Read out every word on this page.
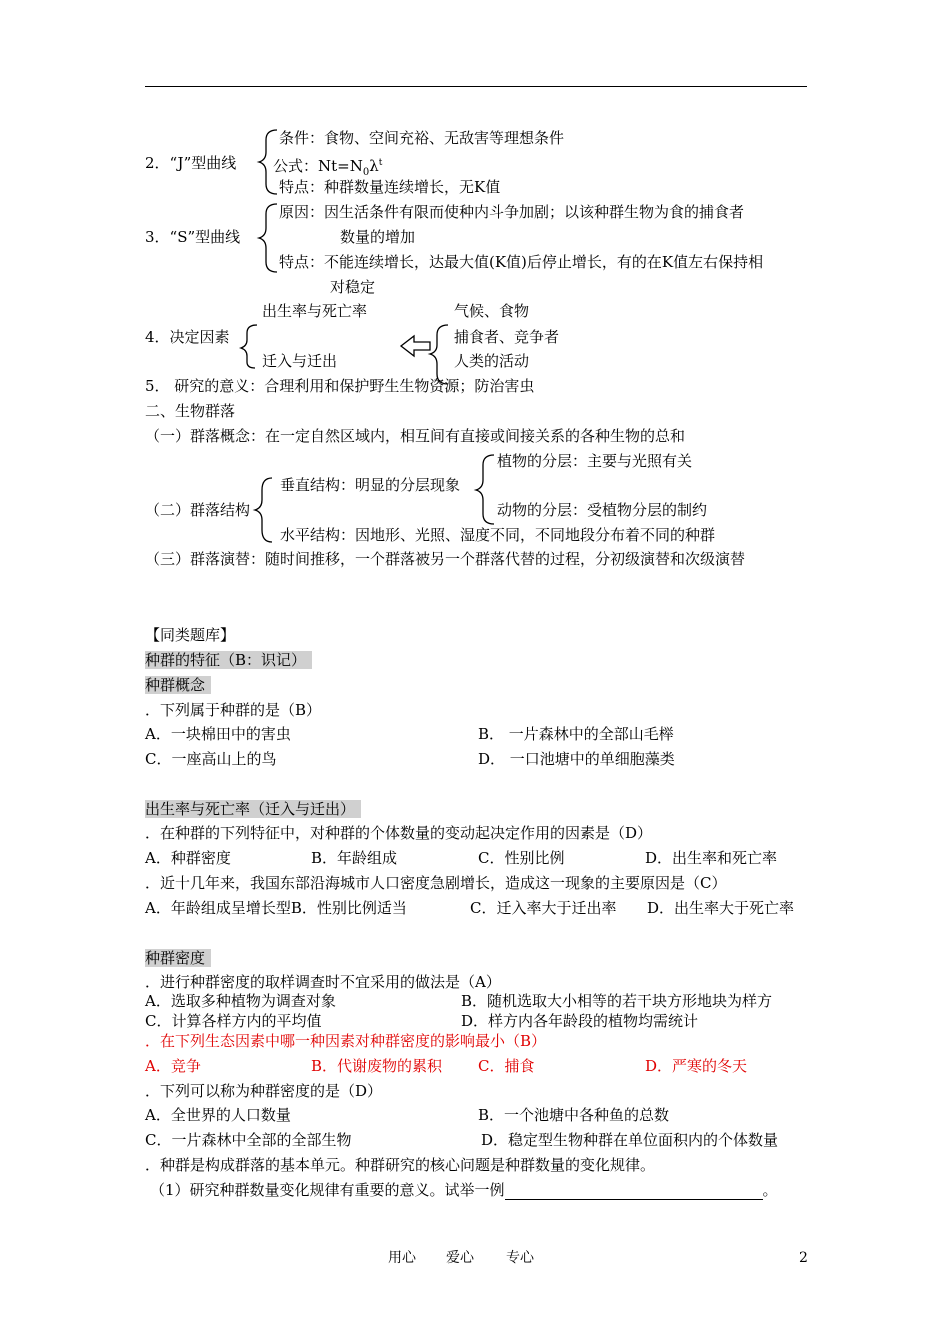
2．“J”型曲线
条件：食物、空间充裕、无敌害等理想条件
公式：$Nt=N_0\lambda^t$
特点：种群数量连续增长，无K值
3．“S”型曲线
原因：因生活条件有限而使种内斗争加剧；以该种群生物为食的捕食者
数量的增加
特点：不能连续增长，达最大值(K值)后停止增长，有的在K值左右保持相
对稳定
出生率与死亡率	气候、食物
4．决定因素	捕食者、竞争者
迁入与迁出	人类的活动
5． 研究的意义：合理利用和保护野生生物资源；防治害虫
二、生物群落
（一）群落概念：在一定自然区域内，相互间有直接或间接关系的各种生物的总和
植物的分层：主要与光照有关
垂直结构：明显的分层现象
（二）群落结构	动物的分层：受植物分层的制约
水平结构：因地形、光照、湿度不同，不同地段分布着不同的种群
（三）群落演替：随时间推移，一个群落被另一个群落代替的过程，分初级演替和次级演替
【同类题库】
种群的特征（B：识记）
种群概念
．下列属于种群的是（B）
A．一块棉田中的害虫	B． 一片森林中的全部山毛榉
C．一座高山上的鸟	D． 一口池塘中的单细胞藻类
出生率与死亡率（迁入与迁出）
．在种群的下列特征中，对种群的个体数量的变动起决定作用的因素是（D）
A．种群密度	B．年龄组成	C．性别比例	D．出生率和死亡率
．近十几年来，我国东部沿海城市人口密度急剧增长，造成这一现象的主要原因是（C）
A．年龄组成呈增长型B．性别比例适当	C．迁入率大于迁出率 D．出生率大于死亡率
种群密度
．进行种群密度的取样调查时不宜采用的做法是（A）
A．选取多种植物为调查对象	B．随机选取大小相等的若干块方形地块为样方
C．计算各样方内的平均值	D．样方内各年龄段的植物均需统计
．在下列生态因素中哪一种因素对种群密度的影响最小（B）
A．竞争	B．代谢废物的累积 C．捕食	D．严寒的冬天
．下列可以称为种群密度的是（D）
A．全世界的人口数量	B．一个池塘中各种鱼的总数
C．一片森林中全部的全部生物	D．稳定型生物种群在单位面积内的个体数量
．种群是构成群落的基本单元。种群研究的核心问题是种群数量的变化规律。
（1）研究种群数量变化规律有重要的意义。试举一例	。
用心 爱心 专心	2
